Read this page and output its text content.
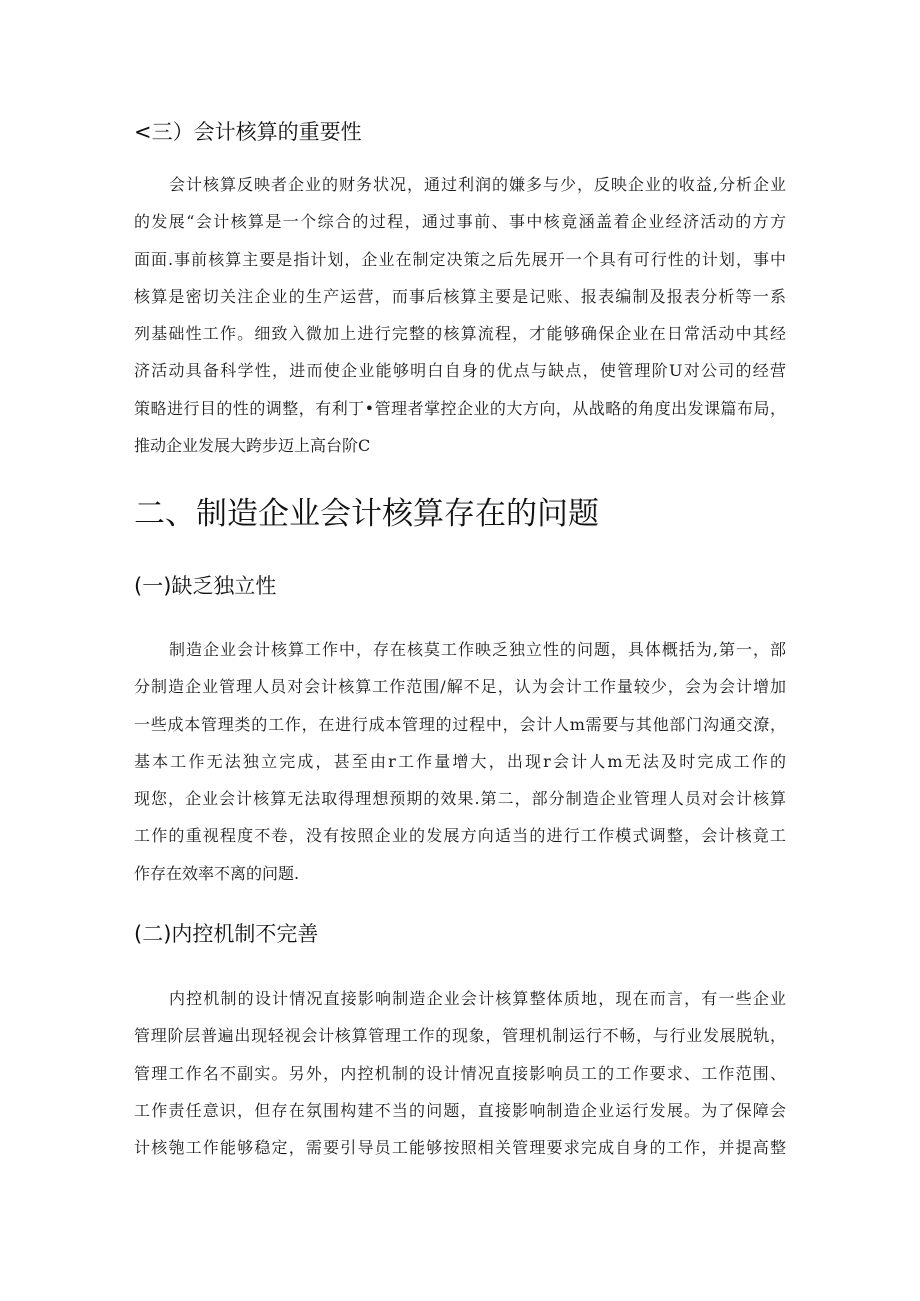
<三）会计核算的重要性
会计核算反映者企业的财务状况，通过利润的嫌多与少，反映企业的收益,分析企业
的发展“会计核算是一个综合的过程，通过事前、事中核竟涵盖着企业经济活动的方方
面面.事前核算主要是指计划，企业在制定决策之后先展开一个具有可行性的计划，事中
核算是密切关注企业的生产运营，而事后核算主要是记账、报表编制及报表分析等一系
列基础性工作。细致入微加上进行完整的核算流程，才能够确保企业在日常活动中其经
济活动具备科学性，进而使企业能够明白自身的优点与缺点，使管理阶U对公司的经营
策略进行目的性的调整，有利丁•管理者掌控企业的大方向，从战略的角度出发课篇布局，
推动企业发展大跨步迈上高台阶C
二、制造企业会计核算存在的问题
(一)缺乏独立性
制造企业会计核算工作中，存在核莫工作映乏独立性的问题，具体概括为,第一，部
分制造企业管理人员对会计核算工作范围/解不足，认为会计工作量较少，会为会计增加
一些成本管理类的工作，在进行成本管理的过程中，会计人m需要与其他部门沟通交潦，
基本工作无法独立完成，甚至由r工作量增大，出现r会计人m无法及时完成工作的
现您，企业会计核算无法取得理想预期的效果.第二，部分制造企业管理人员对会计核算
工作的重视程度不卷，没有按照企业的发展方向适当的进行工作模式调整，会计核竟工
作存在效率不离的问题.
(二)内控机制不完善
内控机制的设计情况直接影响制造企业会计核算整体质地，现在而言，有一些企业
管理阶层普遍出现轻视会计核算管理工作的现象，管理机制运行不畅，与行业发展脱轨，
管理工作名不副实。另外，内控机制的设计情况直接影响员工的工作要求、工作范围、
工作责任意识，但存在氛围构建不当的问题，直接影响制造企业运行发展。为了保障会
计核匏工作能够稳定，需要引导员工能够按照相关管理要求完成自身的工作，并提高整
